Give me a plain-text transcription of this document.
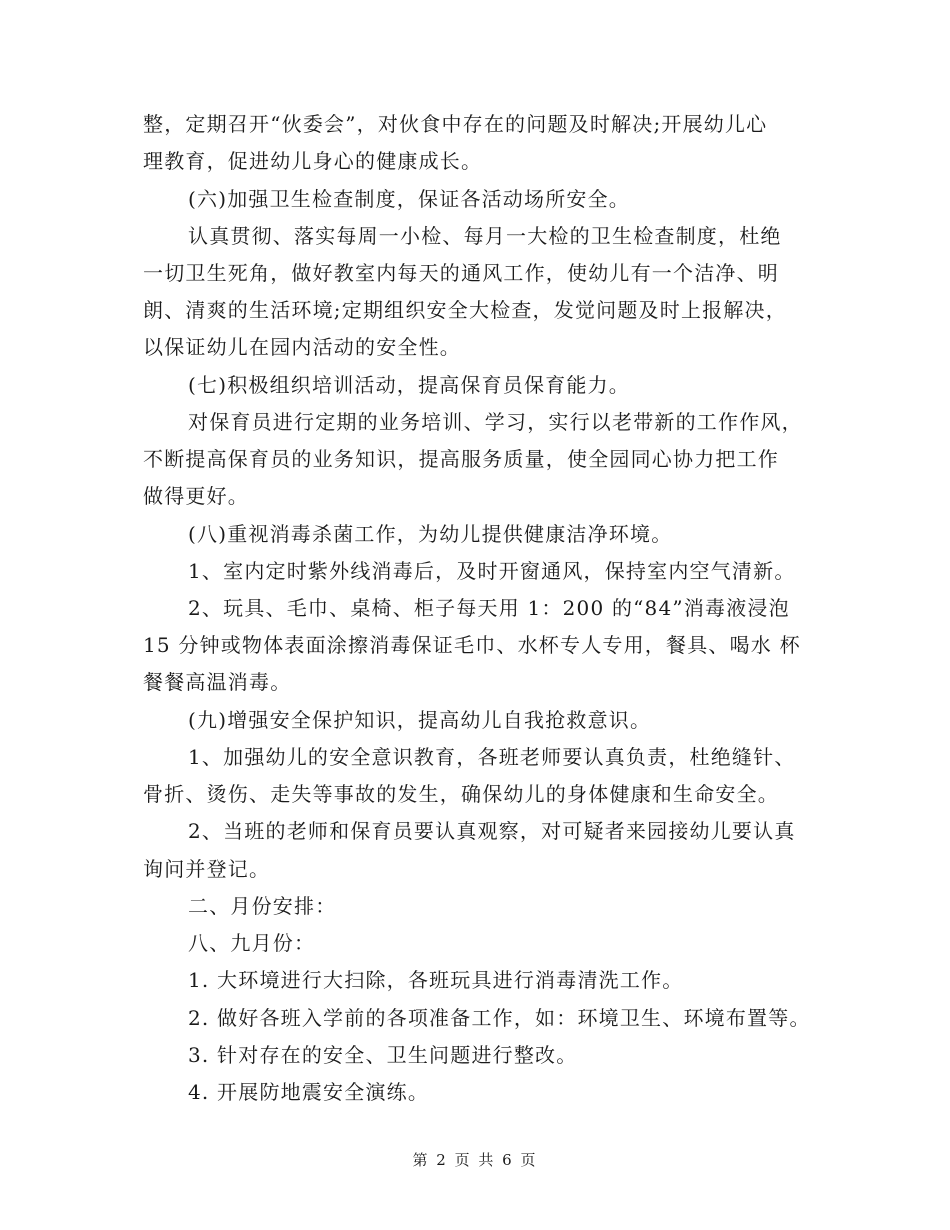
整，定期召开“伙委会”，对伙食中存在的问题及时解决;开展幼儿心
理教育，促进幼儿身心的健康成长。
(六)加强卫生检查制度，保证各活动场所安全。
认真贯彻、落实每周一小检、每月一大检的卫生检查制度，杜绝
一切卫生死角，做好教室内每天的通风工作，使幼儿有一个洁净、明
朗、清爽的生活环境;定期组织安全大检查，发觉问题及时上报解决，
以保证幼儿在园内活动的安全性。
(七)积极组织培训活动，提高保育员保育能力。
对保育员进行定期的业务培训、学习，实行以老带新的工作作风，
不断提高保育员的业务知识，提高服务质量，使全园同心协力把工作
做得更好。
(八)重视消毒杀菌工作，为幼儿提供健康洁净环境。
1、室内定时紫外线消毒后，及时开窗通风，保持室内空气清新。
2、玩具、毛巾、桌椅、柜子每天用 1：200 的“84”消毒液浸泡
15 分钟或物体表面涂擦消毒保证毛巾、水杯专人专用，餐具、喝水 杯
餐餐高温消毒。
(九)增强安全保护知识，提高幼儿自我抢救意识。
1、加强幼儿的安全意识教育，各班老师要认真负责，杜绝缝针、
骨折、烫伤、走失等事故的发生，确保幼儿的身体健康和生命安全。
2、当班的老师和保育员要认真观察，对可疑者来园接幼儿要认真
询问并登记。
二、月份安排：
八、九月份：
1. 大环境进行大扫除，各班玩具进行消毒清洗工作。
2. 做好各班入学前的各项准备工作，如：环境卫生、环境布置等。
3. 针对存在的安全、卫生问题进行整改。
4. 开展防地震安全演练。
第 2 页 共 6 页
